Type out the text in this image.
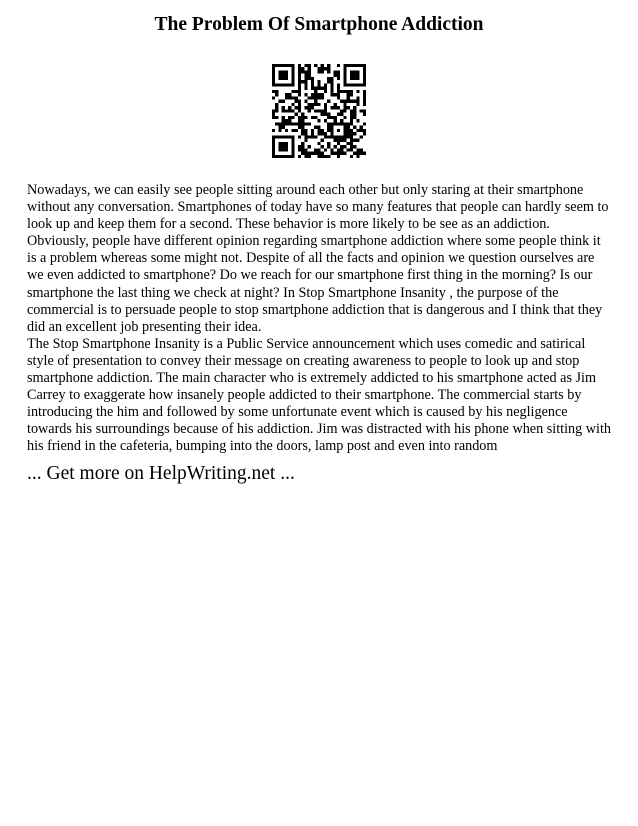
The Problem Of Smartphone Addiction

Nowadays, we can easily see people sitting around each other but only staring at their smartphone without any conversation. Smartphones of today have so many features that people can hardly seem to look up and keep them for a second. These behavior is more likely to be see as an addiction. Obviously, people have different opinion regarding smartphone addiction where some people think it is a problem whereas some might not. Despite of all the facts and opinion we question ourselves are we even addicted to smartphone? Do we reach for our smartphone first thing in the morning? Is our smartphone the last thing we check at night? In Stop Smartphone Insanity , the purpose of the commercial is to persuade people to stop smartphone addiction that is dangerous and I think that they did an excellent job presenting their idea.

The Stop Smartphone Insanity is a Public Service announcement which uses comedic and satirical style of presentation to convey their message on creating awareness to people to look up and stop smartphone addiction. The main character who is extremely addicted to his smartphone acted as Jim Carrey to exaggerate how insanely people addicted to their smartphone. The commercial starts by introducing the him and followed by some unfortunate event which is caused by his negligence towards his surroundings because of his addiction. Jim was distracted with his phone when sitting with his friend in the cafeteria, bumping into the doors, lamp post and even into random

... Get more on HelpWriting.net ...
